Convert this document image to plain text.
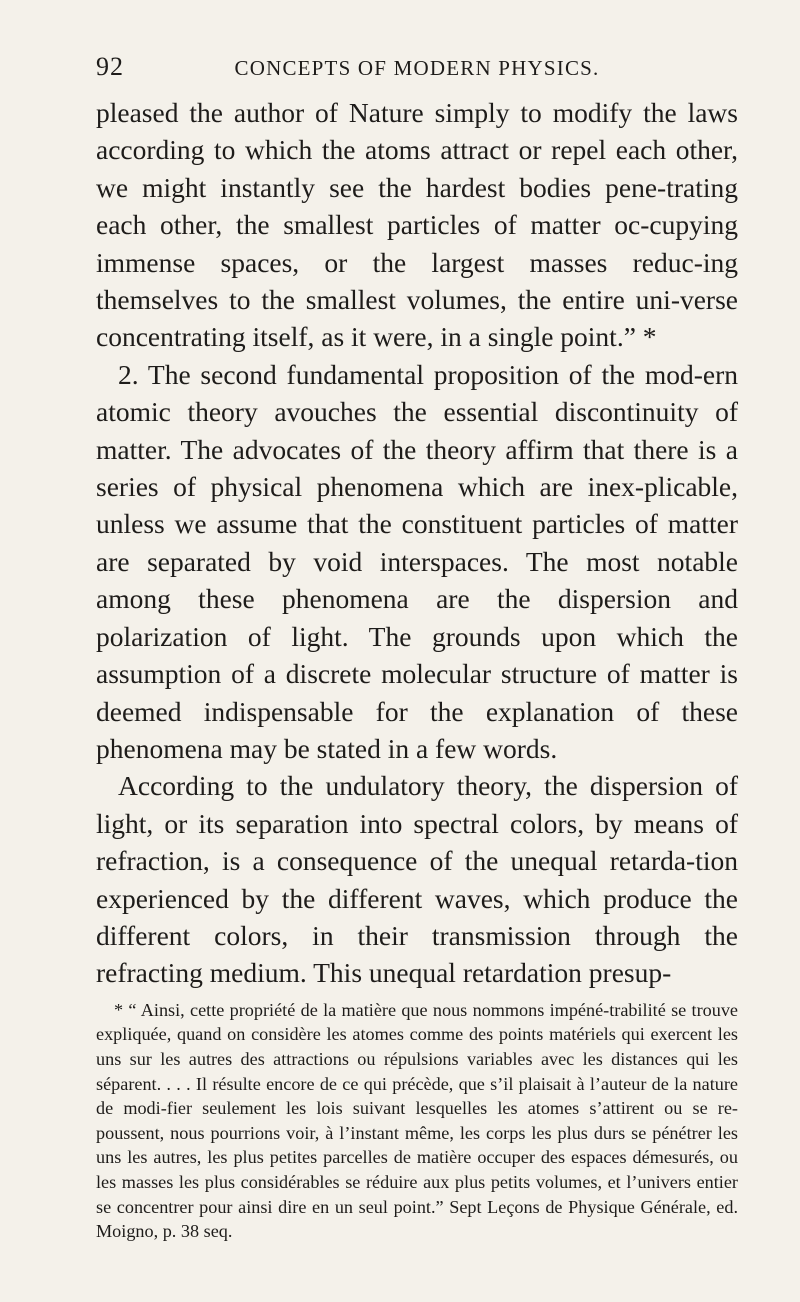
92	CONCEPTS OF MODERN PHYSICS.

pleased the author of Nature simply to modify the laws according to which the atoms attract or repel each other, we might instantly see the hardest bodies pene-trating each other, the smallest particles of matter oc-cupying immense spaces, or the largest masses reduc-ing themselves to the smallest volumes, the entire uni-verse concentrating itself, as it were, in a single point.” *

2. The second fundamental proposition of the mod-ern atomic theory avouches the essential discontinuity of matter. The advocates of the theory affirm that there is a series of physical phenomena which are inex-plicable, unless we assume that the constituent particles of matter are separated by void interspaces. The most notable among these phenomena are the dispersion and polarization of light. The grounds upon which the assumption of a discrete molecular structure of matter is deemed indispensable for the explanation of these phenomena may be stated in a few words.

According to the undulatory theory, the dispersion of light, or its separation into spectral colors, by means of refraction, is a consequence of the unequal retarda-tion experienced by the different waves, which produce the different colors, in their transmission through the refracting medium. This unequal retardation presup-

* “ Ainsi, cette propriété de la matière que nous nommons impéné-trabilité se trouve expliquée, quand on considère les atomes comme des points matériels qui exercent les uns sur les autres des attractions ou répulsions variables avec les distances qui les séparent. . . . Il résulte encore de ce qui précède, que s’il plaisait à l’auteur de la nature de modi-fier seulement les lois suivant lesquelles les atomes s’attirent ou se re-poussent, nous pourrions voir, à l’instant même, les corps les plus durs se pénétrer les uns les autres, les plus petites parcelles de matière occuper des espaces démesurés, ou les masses les plus considérables se réduire aux plus petits volumes, et l’univers entier se concentrer pour ainsi dire en un seul point.” Sept Leçons de Physique Générale, ed. Moigno, p. 38 seq.
